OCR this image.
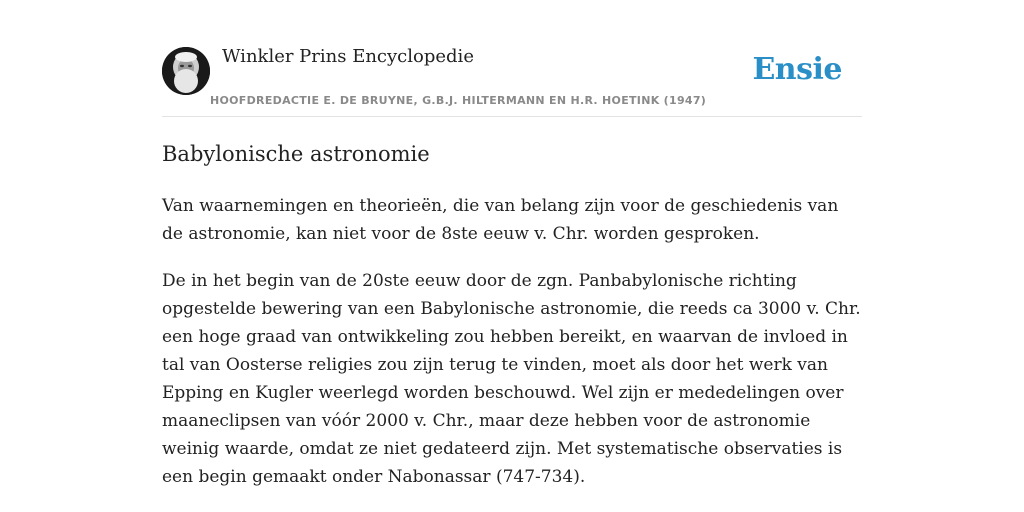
Winkler Prins Encyclopedie
HOOFDREDACTIE E. DE BRUYNE, G.B.J. HILTERMANN EN H.R. HOETINK (1947)
Ensie
Babylonische astronomie

Van waarnemingen en theorieën, die van belang zijn voor de geschiedenis van de astronomie, kan niet voor de 8ste eeuw v. Chr. worden gesproken.

De in het begin van de 20ste eeuw door de zgn. Panbabylonische richting opgestelde bewering van een Babylonische astronomie, die reeds ca 3000 v. Chr. een hoge graad van ontwikkeling zou hebben bereikt, en waarvan de invloed in tal van Oosterse religies zou zijn terug te vinden, moet als door het werk van Epping en Kugler weerlegd worden beschouwd. Wel zijn er mededelingen over maaneclipsen van vóór 2000 v. Chr., maar deze hebben voor de astronomie weinig waarde, omdat ze niet gedateerd zijn. Met systematische observaties is een begin gemaakt onder Nabonassar (747-734).
